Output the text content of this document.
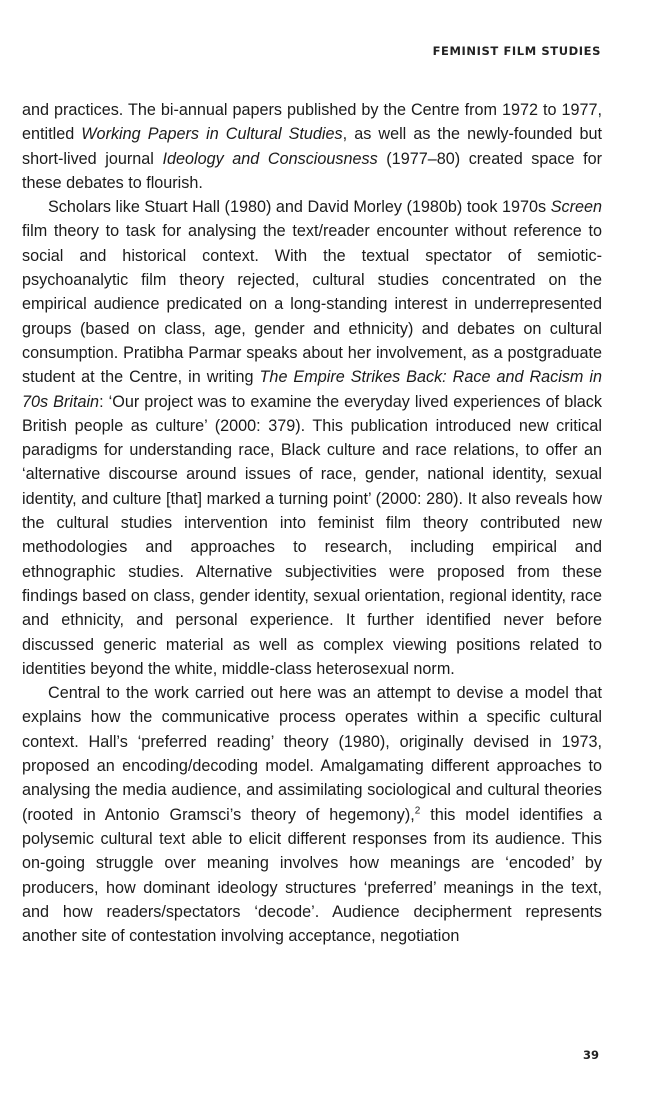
FEMINIST FILM STUDIES

and practices. The bi-annual papers published by the Centre from 1972 to 1977, entitled Working Papers in Cultural Studies, as well as the newly-founded but short-lived journal Ideology and Consciousness (1977–80) created space for these debates to flourish.

Scholars like Stuart Hall (1980) and David Morley (1980b) took 1970s Screen film theory to task for analysing the text/reader encounter without reference to social and historical context. With the textual spectator of semiotic-psychoanalytic film theory rejected, cultural studies concentrated on the empirical audience predicated on a long-standing interest in underrepresented groups (based on class, age, gender and ethnicity) and debates on cultural consumption. Pratibha Parmar speaks about her involvement, as a postgraduate student at the Centre, in writing The Empire Strikes Back: Race and Racism in 70s Britain: ‘Our project was to examine the everyday lived experiences of black British people as culture’ (2000: 379). This publication introduced new critical paradigms for understanding race, Black culture and race relations, to offer an ‘alternative discourse around issues of race, gender, national identity, sexual identity, and culture [that] marked a turning point’ (2000: 280). It also reveals how the cultural studies intervention into feminist film theory contributed new methodologies and approaches to research, including empirical and ethnographic studies. Alternative subjectivities were proposed from these findings based on class, gender identity, sexual orientation, regional identity, race and ethnicity, and personal experience. It further identified never before discussed generic material as well as complex viewing positions related to identities beyond the white, middle-class heterosexual norm.

Central to the work carried out here was an attempt to devise a model that explains how the communicative process operates within a specific cultural context. Hall’s ‘preferred reading’ theory (1980), originally devised in 1973, proposed an encoding/decoding model. Amalgamating different approaches to analysing the media audience, and assimilating sociological and cultural theories (rooted in Antonio Gramsci’s theory of hegemony),$^2$ this model identifies a polysemic cultural text able to elicit different responses from its audience. This on-going struggle over meaning involves how meanings are ‘encoded’ by producers, how dominant ideology structures ‘preferred’ meanings in the text, and how readers/spectators ‘decode’. Audience decipherment represents another site of contestation involving acceptance, negotiation

39
